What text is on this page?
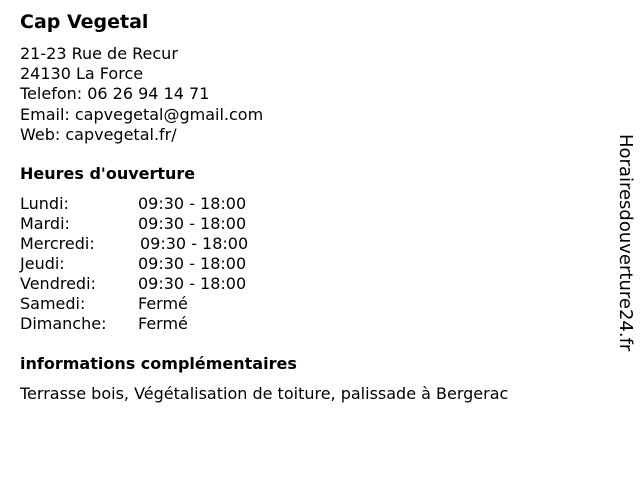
Cap Vegetal
21-23 Rue de Recur
24130 La Force
Telefon: 06 26 94 14 71
Email: capvegetal@gmail.com
Web: capvegetal.fr/
Heures d'ouverture
Lundi:	09:30 - 18:00
Mardi:	09:30 - 18:00
Mercredi:	09:30 - 18:00
Jeudi:	09:30 - 18:00
Vendredi:	09:30 - 18:00
Samedi:	Fermé
Dimanche:	Fermé
informations complémentaires
Terrasse bois, Végétalisation de toiture, palissade à Bergerac
Horairesdouverture24.fr
